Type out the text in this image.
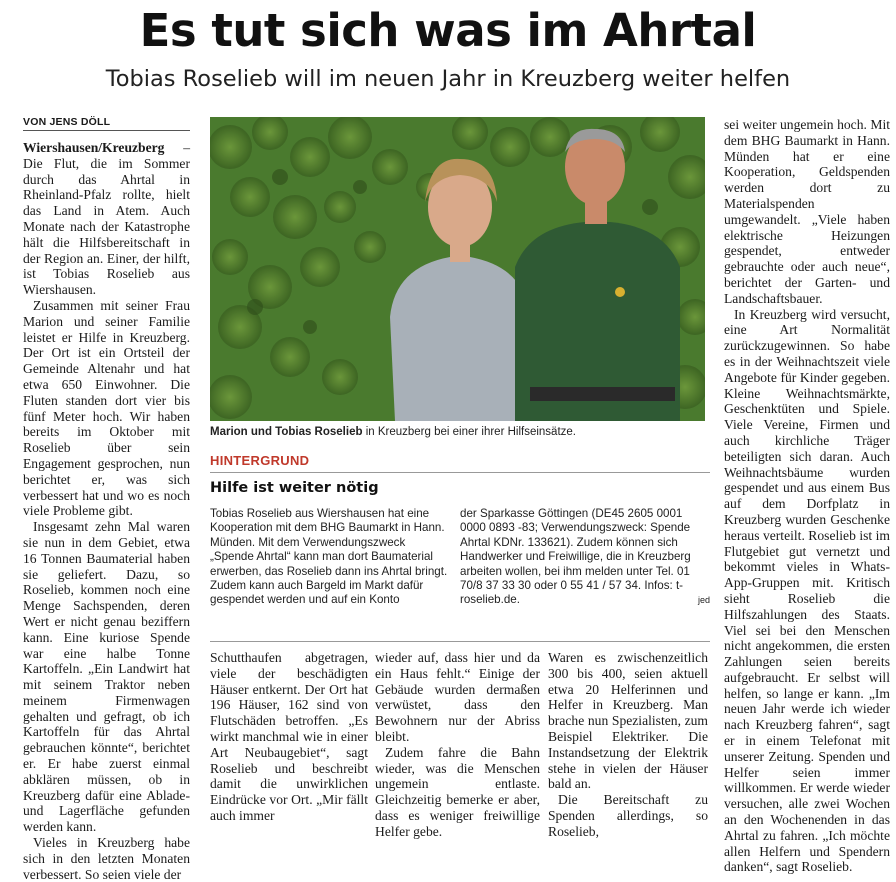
Es tut sich was im Ahrtal
Tobias Roselieb will im neuen Jahr in Kreuzberg weiter helfen
VON JENS DÖLL

Wiershausen/Kreuzberg – Die Flut, die im Sommer durch das Ahrtal in Rheinland-Pfalz rollte, hielt das Land in Atem. Auch Monate nach der Katastrophe hält die Hilfsbereitschaft in der Region an. Einer, der hilft, ist Tobias Roselieb aus Wiershausen.

Zusammen mit seiner Frau Marion und seiner Familie leistet er Hilfe in Kreuzberg. Der Ort ist ein Ortsteil der Gemeinde Altenahr und hat etwa 650 Einwohner. Die Fluten standen dort vier bis fünf Meter hoch. Wir haben bereits im Oktober mit Roselieb über sein Engagement gesprochen, nun berichtet er, was sich verbessert hat und wo es noch viele Probleme gibt.

Insgesamt zehn Mal waren sie nun in dem Gebiet, etwa 16 Tonnen Baumaterial haben sie geliefert. Dazu, so Roselieb, kommen noch eine Menge Sachspenden, deren Wert er nicht genau beziffern kann. Eine kuriose Spende war eine halbe Tonne Kartoffeln. „Ein Landwirt hat mit seinem Traktor neben meinem Firmenwagen gehalten und gefragt, ob ich Kartoffeln für das Ahrtal gebrauchen könnte“, berichtet er. Er habe zuerst einmal abklären müssen, ob in Kreuzberg dafür eine Ablade- und Lagerfläche gefunden werden kann.

Vieles in Kreuzberg habe sich in den letzten Monaten verbessert. So seien viele der

Marion und Tobias Roselieb in Kreuzberg bei einer ihrer Hilfseinsätze.
HINTERGRUND
Hilfe ist weiter nötig

Tobias Roselieb aus Wiershausen hat eine Kooperation mit dem BHG Baumarkt in Hann. Münden. Mit dem Verwendungszweck „Spende Ahrtal“ kann man dort Baumaterial erwerben, das Roselieb dann ins Ahrtal bringt. Zudem kann auch Bargeld im Markt dafür gespendet werden und auf ein Konto

der Sparkasse Göttingen (DE45 2605 0001 0000 0893 -83; Verwendungszweck: Spende Ahrtal KDNr. 133621). Zudem können sich Handwerker und Freiwillige, die in Kreuzberg arbeiten wollen, bei ihm melden unter Tel. 01 70/8 37 33 30 oder 0 55 41 / 57 34. Infos: t-roselieb.de.	jed

Schutthaufen abgetragen, viele der beschädigten Häuser entkernt. Der Ort hat 196 Häuser, 162 sind von Flutschäden betroffen. „Es wirkt manchmal wie in einer Art Neubaugebiet“, sagt Roselieb und beschreibt damit die unwirklichen Eindrücke vor Ort. „Mir fällt auch immer

wieder auf, dass hier und da ein Haus fehlt.“ Einige der Gebäude wurden dermaßen verwüstet, dass den Bewohnern nur der Abriss bleibt.

Zudem fahre die Bahn wieder, was die Menschen ungemein entlaste. Gleichzeitig bemerke er aber, dass es weniger freiwillige Helfer gebe.

Waren es zwischenzeitlich 300 bis 400, seien aktuell etwa 20 Helferinnen und Helfer in Kreuzberg. Man brache nun Spezialisten, zum Beispiel Elektriker. Die Instandsetzung der Elektrik stehe in vielen der Häuser bald an.

Die Bereitschaft zu Spenden allerdings, so Roselieb,

sei weiter ungemein hoch. Mit dem BHG Baumarkt in Hann. Münden hat er eine Kooperation, Geldspenden werden dort zu Materialspenden umgewandelt. „Viele haben elektrische Heizungen gespendet, entweder gebrauchte oder auch neue“, berichtet der Garten- und Landschaftsbauer.

In Kreuzberg wird versucht, eine Art Normalität zurückzugewinnen. So habe es in der Weihnachtszeit viele Angebote für Kinder gegeben. Kleine Weihnachtsmärkte, Geschenktüten und Spiele. Viele Vereine, Firmen und auch kirchliche Träger beteiligten sich daran. Auch Weihnachtsbäume wurden gespendet und aus einem Bus auf dem Dorfplatz in Kreuzberg wurden Geschenke heraus verteilt. Roselieb ist im Flutgebiet gut vernetzt und bekommt vieles in Whats-App-Gruppen mit. Kritisch sieht Roselieb die Hilfszahlungen des Staats. Viel sei bei den Menschen nicht angekommen, die ersten Zahlungen seien bereits aufgebraucht. Er selbst will helfen, so lange er kann. „Im neuen Jahr werde ich wieder nach Kreuzberg fahren“, sagt er in einem Telefonat mit unserer Zeitung. Spenden und Helfer seien immer willkommen. Er werde wieder versuchen, alle zwei Wochen an den Wochenenden in das Ahrtal zu fahren. „Ich möchte allen Helfern und Spendern danken“, sagt Roselieb.
